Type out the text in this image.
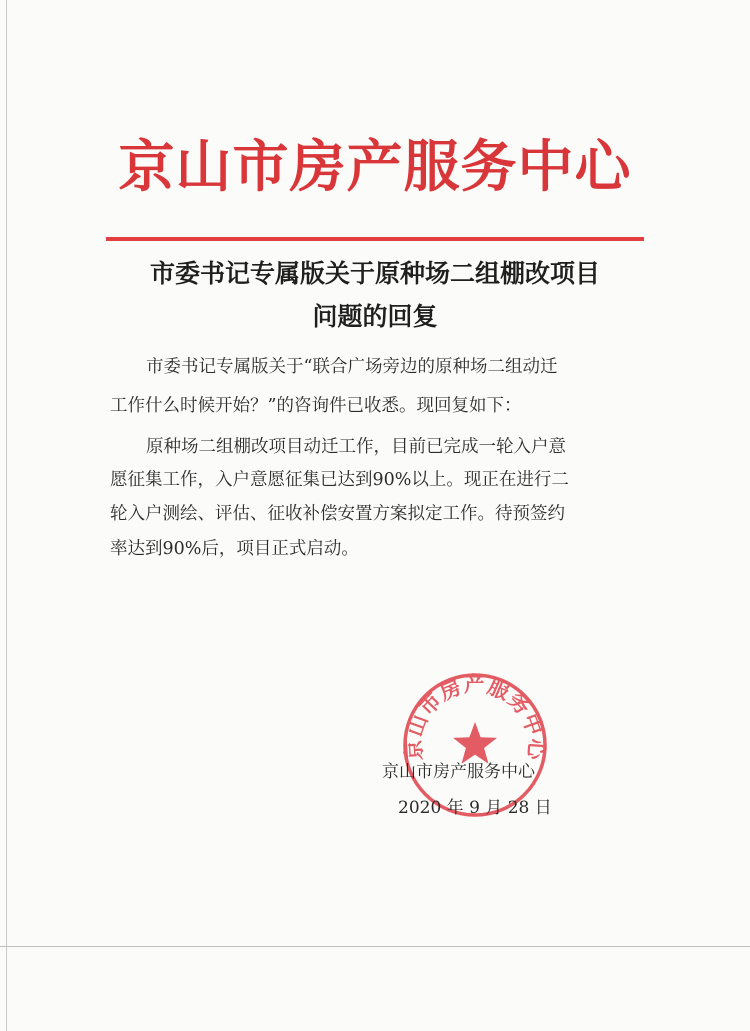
京山市房产服务中心
市委书记专属版关于原种场二组棚改项目
问题的回复
市委书记专属版关于“联合广场旁边的原种场二组动迁
工作什么时候开始？”的咨询件已收悉。现回复如下：
原种场二组棚改项目动迁工作，目前已完成一轮入户意
愿征集工作，入户意愿征集已达到90%以上。现正在进行二
轮入户测绘、评估、征收补偿安置方案拟定工作。待预签约
率达到90%后，项目正式启动。
京山市房产服务中心
京山市房产服务中心
2020 年 9 月 28 日
